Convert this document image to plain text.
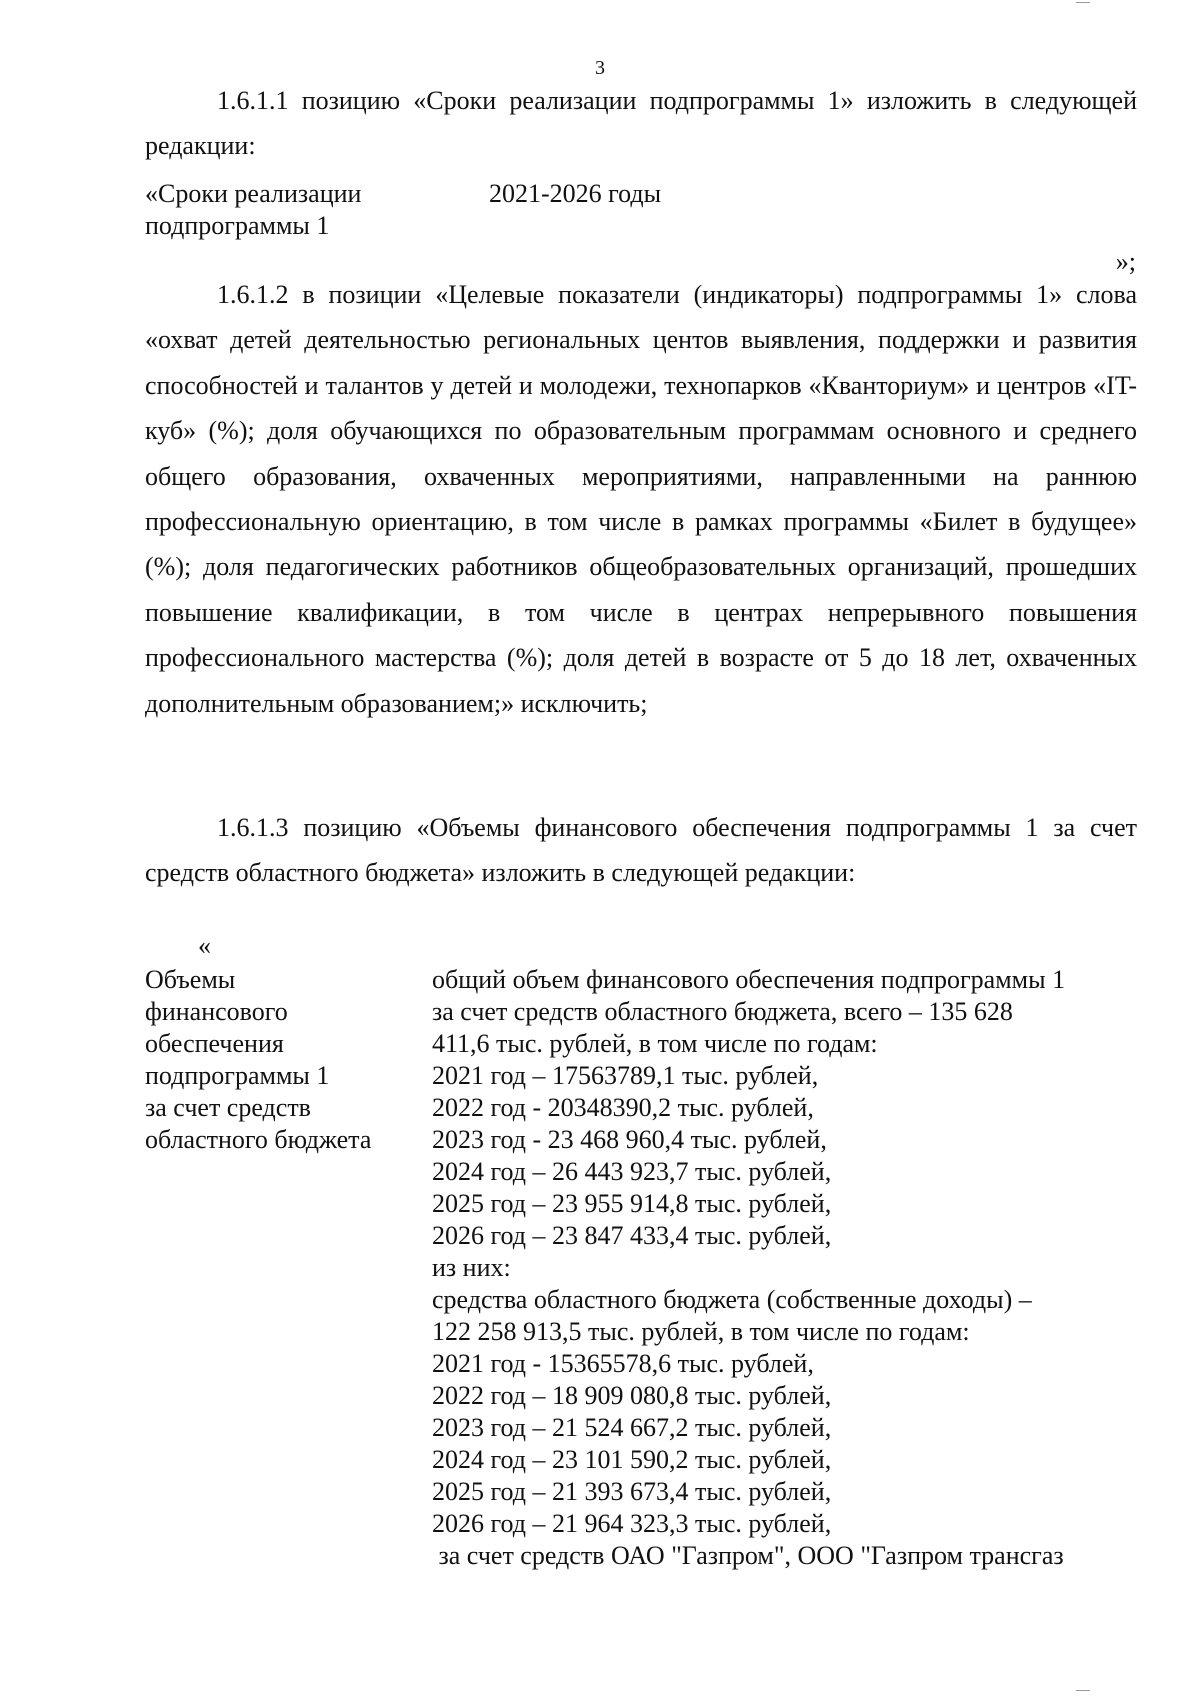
3
1.6.1.1 позицию «Сроки реализации подпрограммы 1» изложить в следующей редакции:
«Сроки реализации
подпрограммы 1
2021-2026 годы
»;
1.6.1.2 в позиции «Целевые показатели (индикаторы) подпрограммы 1» слова «охват детей деятельностью региональных центов выявления, поддержки и развития способностей и талантов у детей и молодежи, технопарков «Кванториум» и центров «IT-куб» (%); доля обучающихся по образовательным программам основного и среднего общего образования, охваченных мероприятиями, направленными на раннюю профессиональную ориентацию, в том числе в рамках программы «Билет в будущее» (%); доля педагогических работников общеобразовательных организаций, прошедших повышение квалификации, в том числе в центрах непрерывного повышения профессионального мастерства (%); доля детей в возрасте от 5 до 18 лет, охваченных дополнительным образованием;» исключить;
1.6.1.3 позицию «Объемы финансового обеспечения подпрограммы 1 за счет средств областного бюджета» изложить в следующей редакции:
«
Объемы
финансового
обеспечения
подпрограммы 1
за счет средств
областного бюджета
общий объем финансового обеспечения подпрограммы 1
за счет средств областного бюджета, всего – 135 628
411,6 тыс. рублей, в том числе по годам:
2021 год – 17563789,1 тыс. рублей,
2022 год - 20348390,2 тыс. рублей,
2023 год - 23 468 960,4 тыс. рублей,
2024 год – 26 443 923,7 тыс. рублей,
2025 год – 23 955 914,8 тыс. рублей,
2026 год – 23 847 433,4 тыс. рублей,
из них:
средства областного бюджета (собственные доходы) –
122 258 913,5 тыс. рублей, в том числе по годам:
2021 год - 15365578,6 тыс. рублей,
2022 год – 18 909 080,8 тыс. рублей,
2023 год – 21 524 667,2 тыс. рублей,
2024 год – 23 101 590,2 тыс. рублей,
2025 год – 21 393 673,4 тыс. рублей,
2026 год – 21 964 323,3 тыс. рублей,
за счет средств ОАО "Газпром", ООО "Газпром трансгаз
